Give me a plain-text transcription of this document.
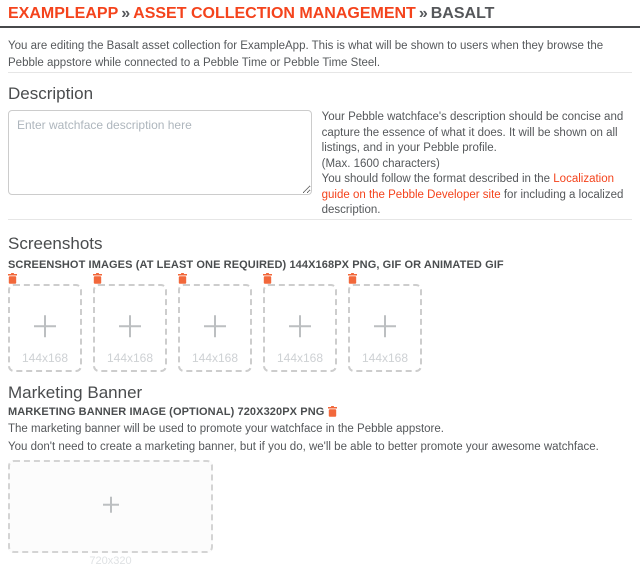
EXAMPLEAPP » ASSET COLLECTION MANAGEMENT » BASALT

You are editing the Basalt asset collection for ExampleApp. This is what will be shown to users when they browse the Pebble appstore while connected to a Pebble Time or Pebble Time Steel.

Description
Enter watchface description here
Your Pebble watchface's description should be concise and capture the essence of what it does. It will be shown on all listings, and in your Pebble profile.
(Max. 1600 characters)
You should follow the format described in the Localization guide on the Pebble Developer site for including a localized description.
Screenshots
SCREENSHOT IMAGES (AT LEAST ONE REQUIRED) 144X168PX PNG, GIF OR ANIMATED GIF
144x168	144x168	144x168	144x168	144x168
Marketing Banner
MARKETING BANNER IMAGE (OPTIONAL) 720X320PX PNG
The marketing banner will be used to promote your watchface in the Pebble appstore.
You don't need to create a marketing banner, but if you do, we'll be able to better promote your awesome watchface.
720x320
